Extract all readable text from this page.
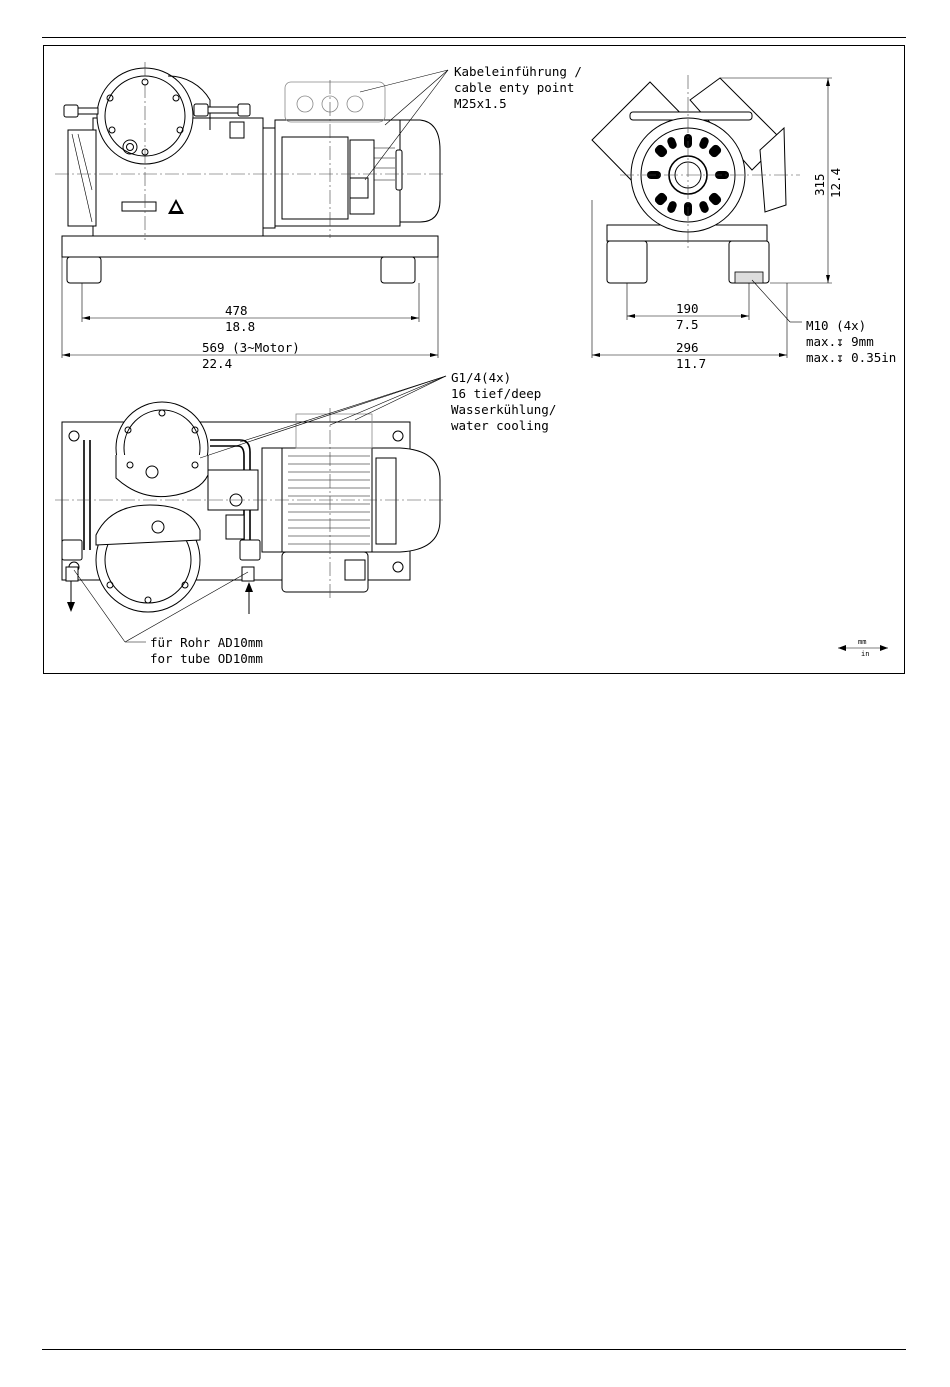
478
18.8
569 (3~Motor)
22.4
Kabeleinführung /
cable enty point
M25x1.5
190
7.5
296
11.7
315 12.4
M10 (4x)
max.↧ 9mm
max.↧ 0.35in
G1/4(4x)
16 tief/deep
Wasserkühlung/
water cooling
für Rohr AD10mm
for tube OD10mm
mm
in
